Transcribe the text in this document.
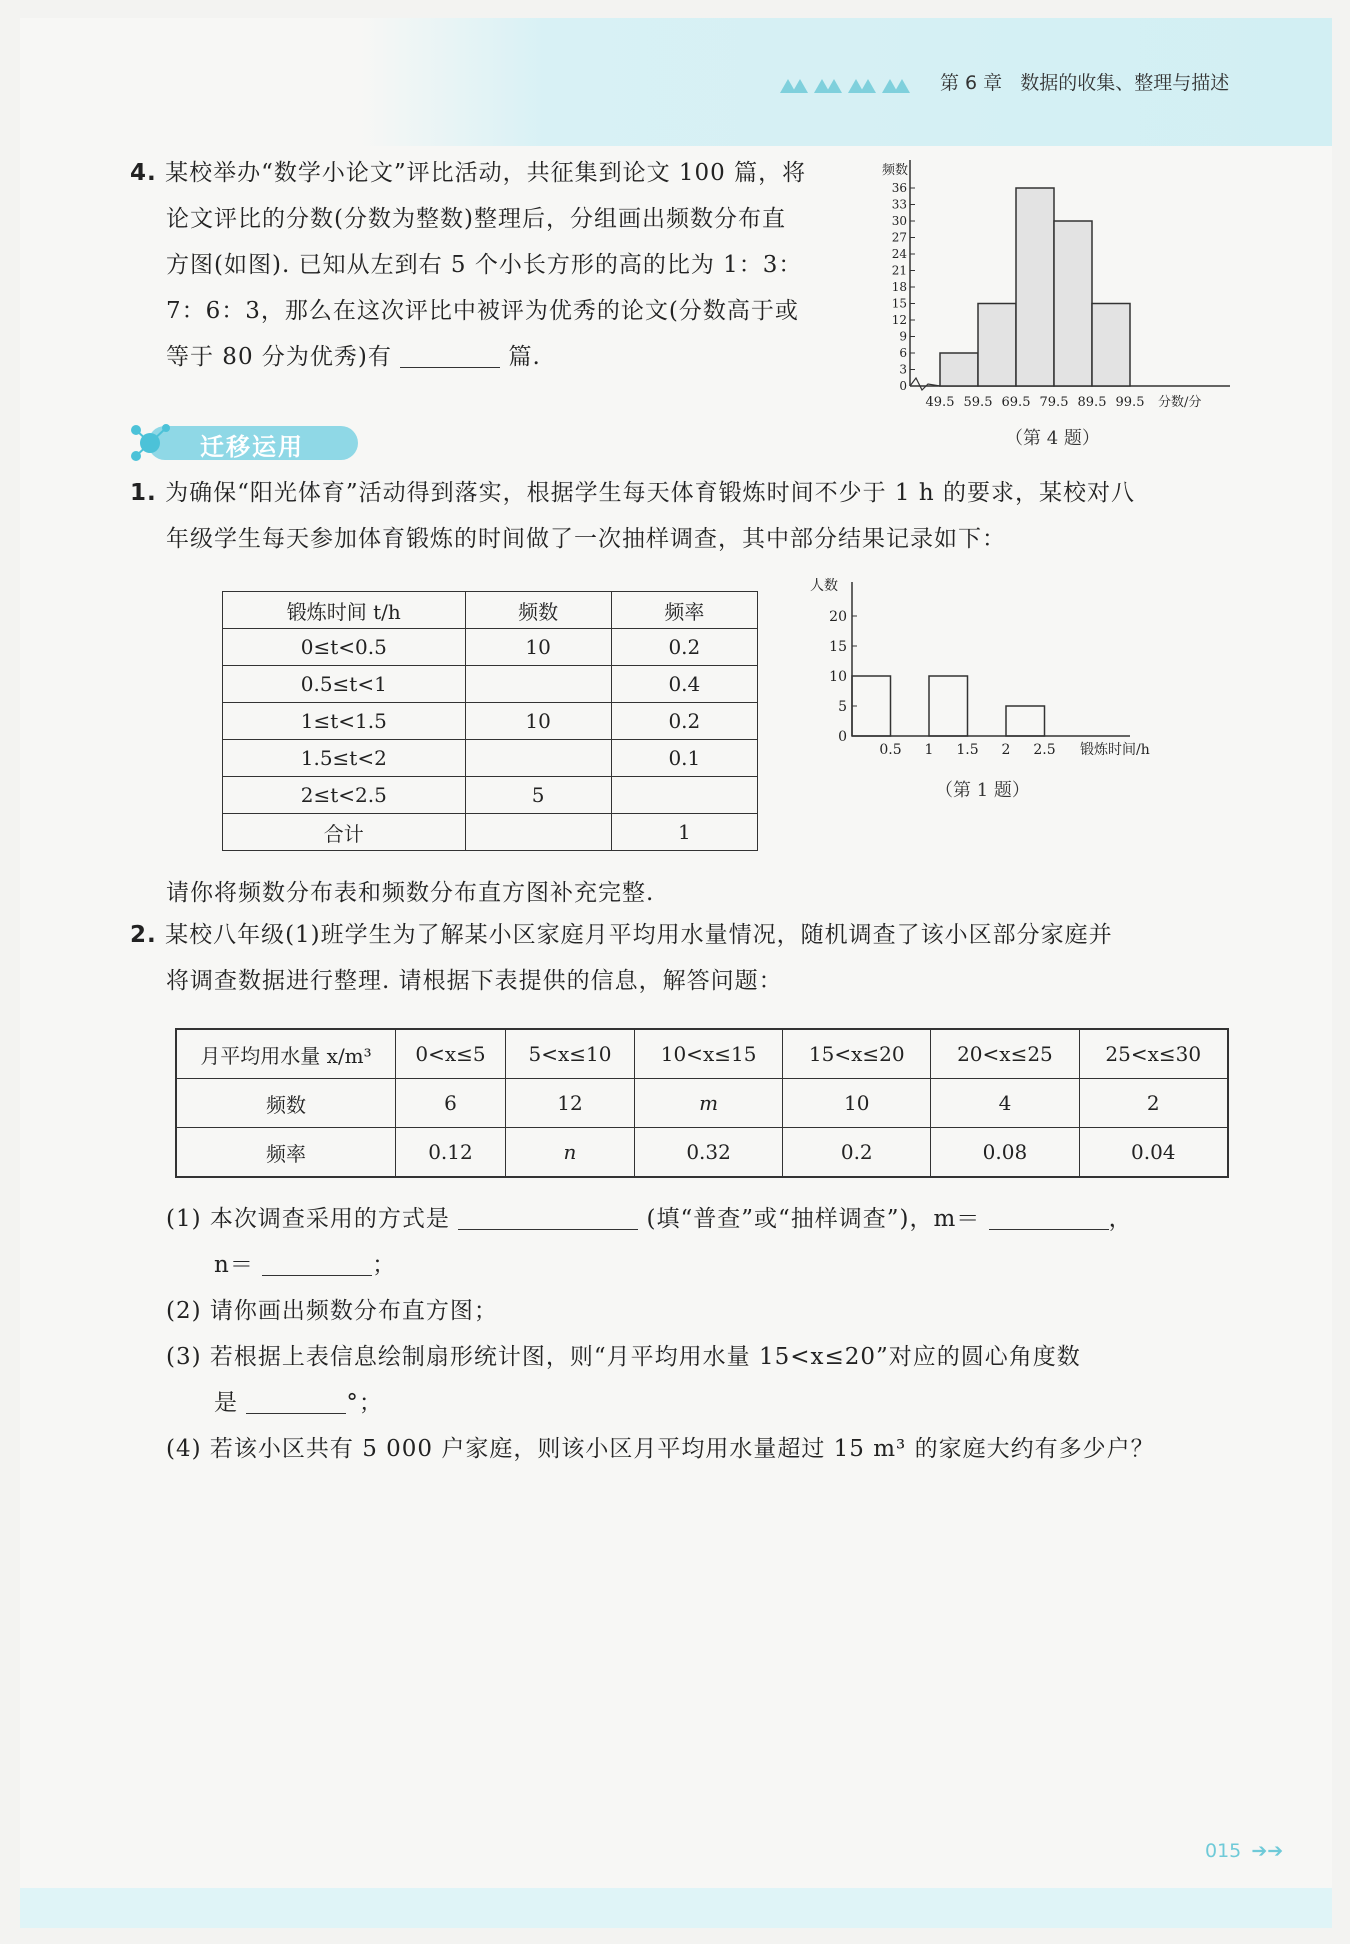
第 6 章 数据的收集、整理与描述
4. 某校举办“数学小论文”评比活动，共征集到论文 100 篇，将
论文评比的分数(分数为整数)整理后，分组画出频数分布直
方图(如图). 已知从左到右 5 个小长方形的高的比为 1：3：
7：6：3，那么在这次评比中被评为优秀的论文(分数高于或
等于 80 分为优秀)有	篇.
0
3
6
9
12
15
18
21
24
27
30
33
36
频数
49.5 59.5 69.5 79.5 89.5 99.5 分数/分
（第 4 题）
迁移运用
1. 为确保“阳光体育”活动得到落实，根据学生每天体育锻炼时间不少于 1 h 的要求，某校对八
年级学生每天参加体育锻炼的时间做了一次抽样调查，其中部分结果记录如下：
锻炼时间 t/h	频数	频率
0≤t<0.5	10	0.2
0.5≤t<1		0.4
1≤t<1.5	10	0.2
1.5≤t<2		0.1
2≤t<2.5	5	
合计		1
人数
0
5
10
15
20
0.5 1 1.5 2 2.5 锻炼时间/h
（第 1 题）
请你将频数分布表和频数分布直方图补充完整.
2. 某校八年级(1)班学生为了解某小区家庭月平均用水量情况，随机调查了该小区部分家庭并
将调查数据进行整理. 请根据下表提供的信息，解答问题：
月平均用水量 x/m³	0<x≤5	5<x≤10	10<x≤15	15<x≤20	20<x≤25	25<x≤30
频数	6	12	m	10	4	2
频率	0.12	n	0.32	0.2	0.08	0.04
(1) 本次调查采用的方式是	(填“普查”或“抽样调查”)，m＝	，
n＝	；
(2) 请你画出频数分布直方图；
(3) 若根据上表信息绘制扇形统计图，则“月平均用水量 15<x≤20”对应的圆心角度数
是	°；
(4) 若该小区共有 5 000 户家庭，则该小区月平均用水量超过 15 m³ 的家庭大约有多少户？
015 ➔➔
